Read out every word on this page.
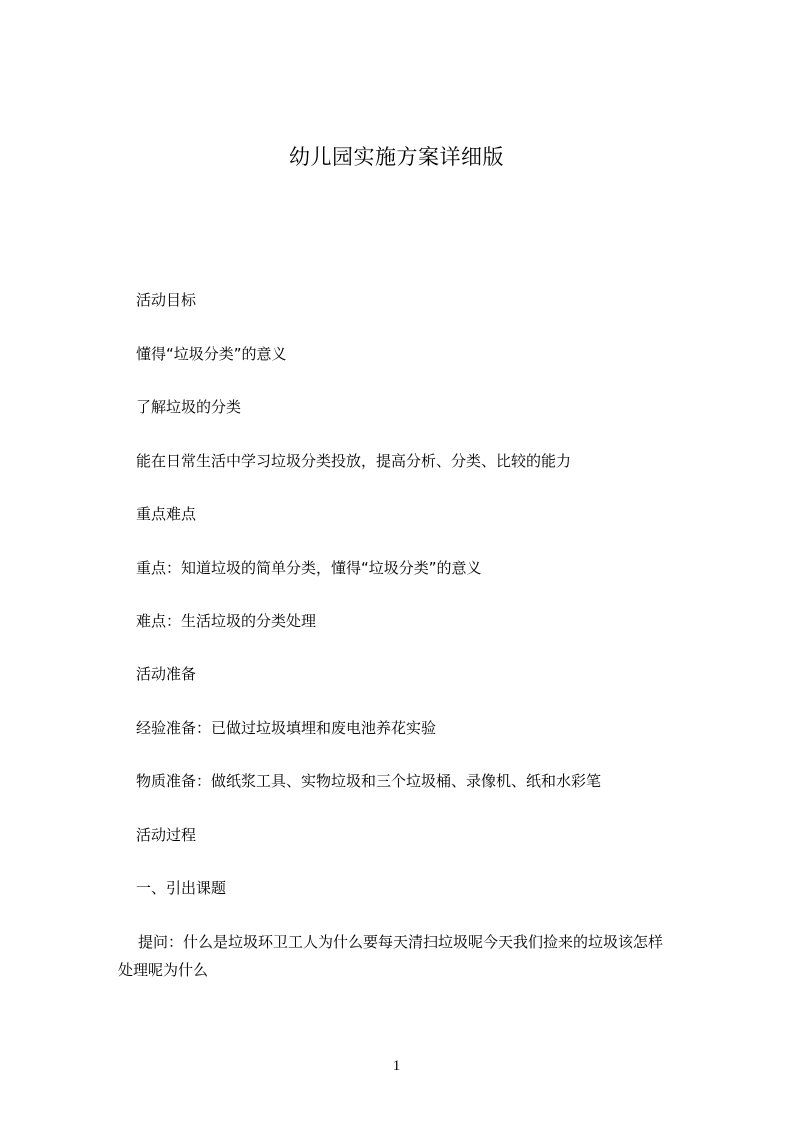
幼儿园实施方案详细版
活动目标
懂得“垃圾分类”的意义
了解垃圾的分类
能在日常生活中学习垃圾分类投放，提高分析、分类、比较的能力
重点难点
重点：知道垃圾的简单分类，懂得“垃圾分类”的意义
难点：生活垃圾的分类处理
活动准备
经验准备：已做过垃圾填埋和废电池养花实验
物质准备：做纸浆工具、实物垃圾和三个垃圾桶、录像机、纸和水彩笔
活动过程
一、引出课题
提问：什么是垃圾环卫工人为什么要每天清扫垃圾呢今天我们捡来的垃圾该怎样
处理呢为什么
1
